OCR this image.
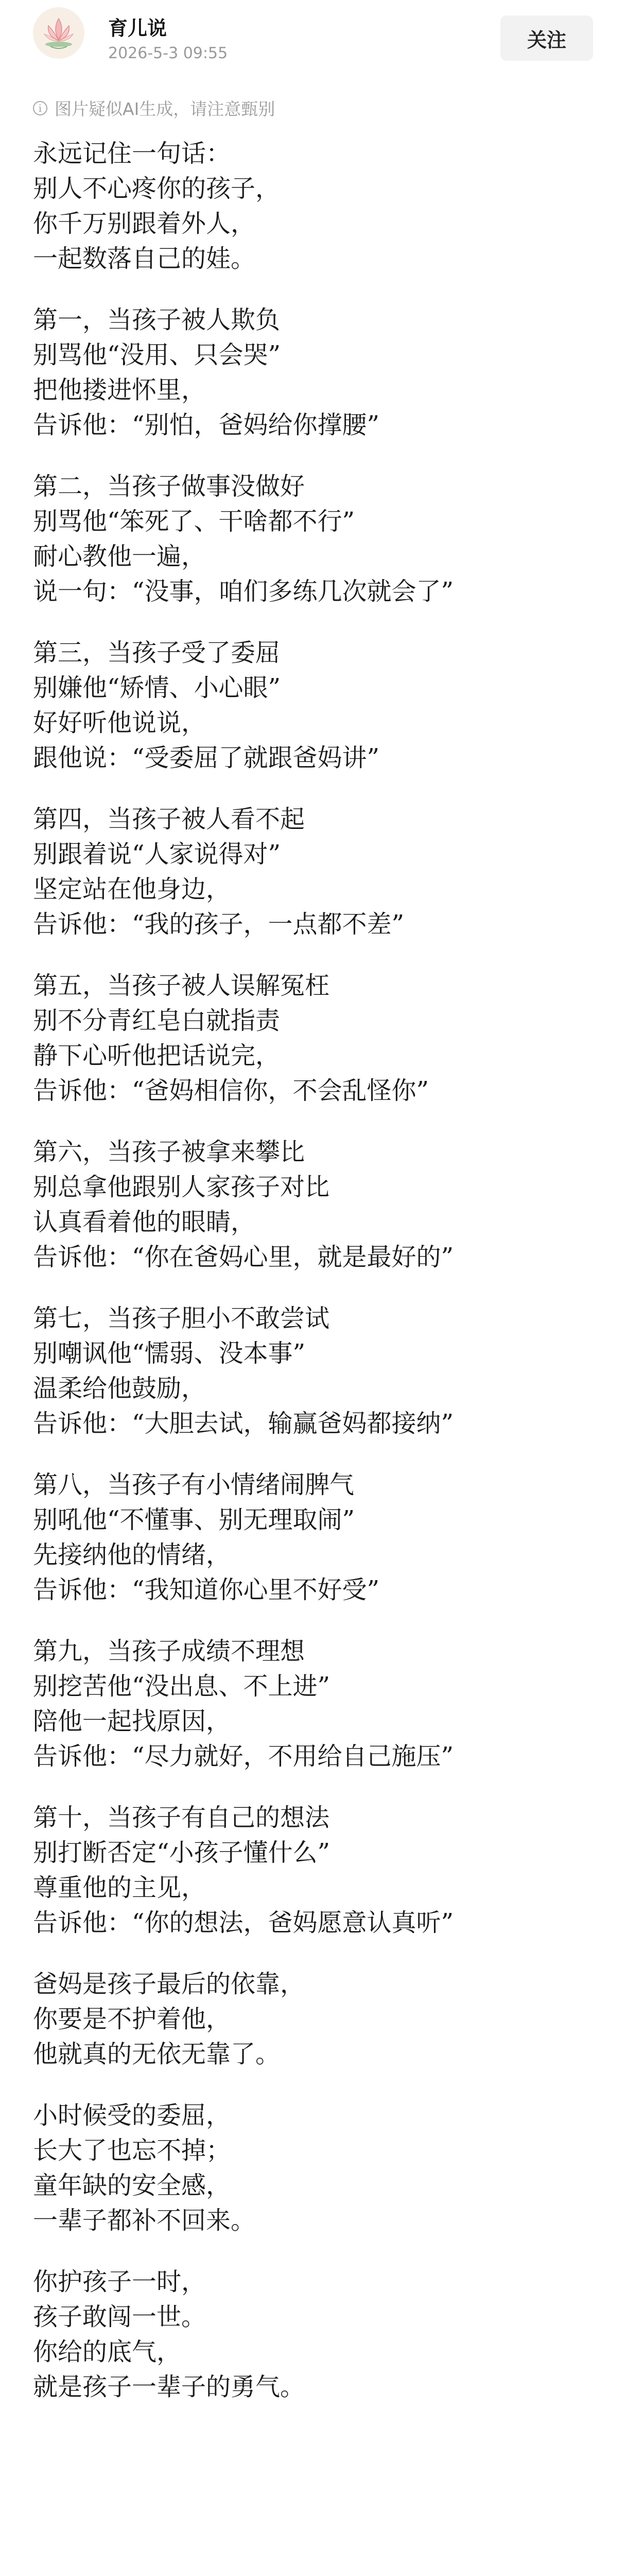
育儿说
2026-5-3 09:55
关注
i 图片疑似AI生成，请注意甄别
永远记住一句话：
别人不心疼你的孩子，
你千万别跟着外人，
一起数落自己的娃。
第一，当孩子被人欺负
别骂他“没用、只会哭”
把他搂进怀里，
告诉他：“别怕，爸妈给你撑腰”
第二，当孩子做事没做好
别骂他“笨死了、干啥都不行”
耐心教他一遍，
说一句：“没事，咱们多练几次就会了”
第三，当孩子受了委屈
别嫌他“矫情、小心眼”
好好听他说说，
跟他说：“受委屈了就跟爸妈讲”
第四，当孩子被人看不起
别跟着说“人家说得对”
坚定站在他身边，
告诉他：“我的孩子，一点都不差”
第五，当孩子被人误解冤枉
别不分青红皂白就指责
静下心听他把话说完，
告诉他：“爸妈相信你，不会乱怪你”
第六，当孩子被拿来攀比
别总拿他跟别人家孩子对比
认真看着他的眼睛，
告诉他：“你在爸妈心里，就是最好的”
第七，当孩子胆小不敢尝试
别嘲讽他“懦弱、没本事”
温柔给他鼓励，
告诉他：“大胆去试，输赢爸妈都接纳”
第八，当孩子有小情绪闹脾气
别吼他“不懂事、别无理取闹”
先接纳他的情绪，
告诉他：“我知道你心里不好受”
第九，当孩子成绩不理想
别挖苦他“没出息、不上进”
陪他一起找原因，
告诉他：“尽力就好，不用给自己施压”
第十，当孩子有自己的想法
别打断否定“小孩子懂什么”
尊重他的主见，
告诉他：“你的想法，爸妈愿意认真听”
爸妈是孩子最后的依靠，
你要是不护着他，
他就真的无依无靠了。
小时候受的委屈，
长大了也忘不掉；
童年缺的安全感，
一辈子都补不回来。
你护孩子一时，
孩子敢闯一世。
你给的底气，
就是孩子一辈子的勇气。
